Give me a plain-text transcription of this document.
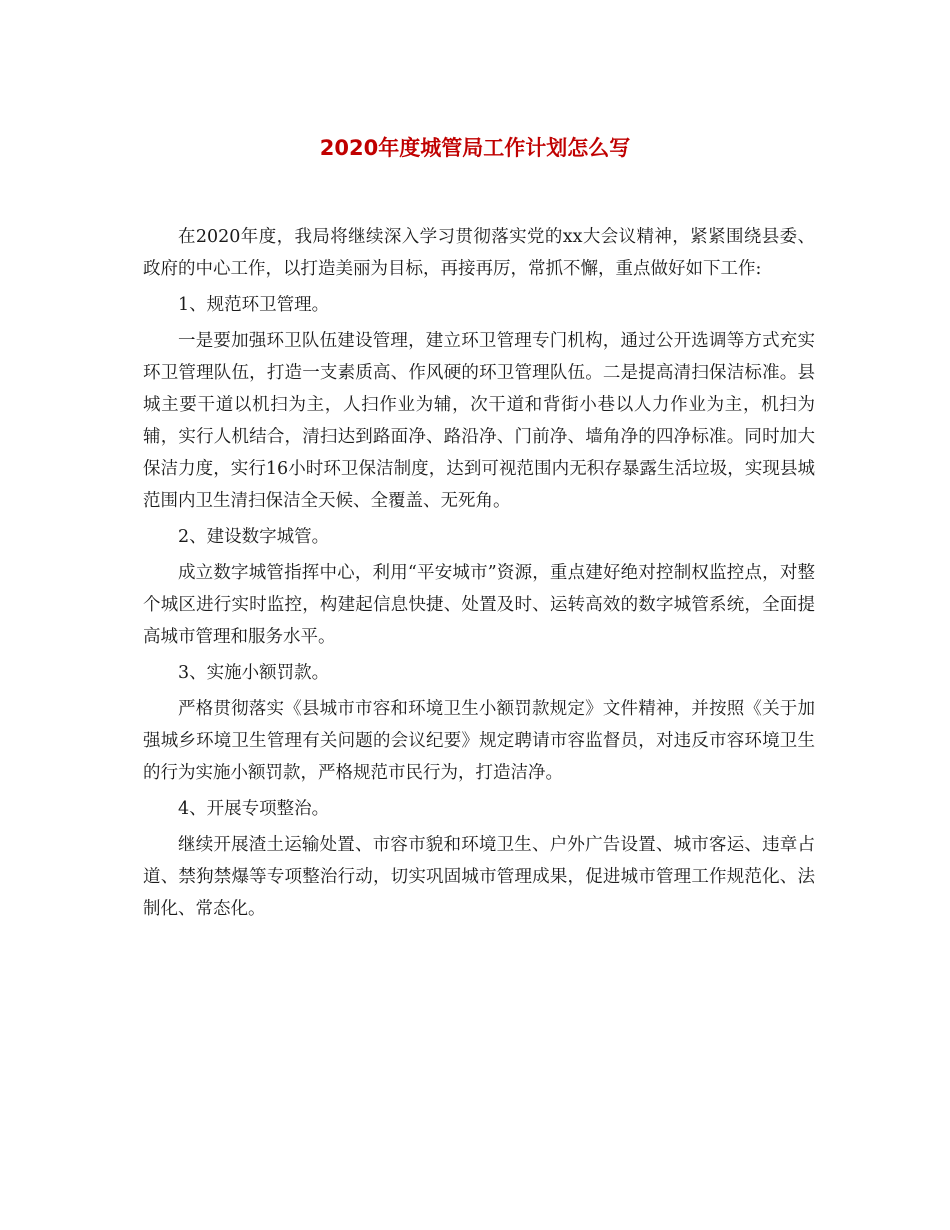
2020年度城管局工作计划怎么写

在2020年度，我局将继续深入学习贯彻落实党的xx大会议精神，紧紧围绕县委、政府的中心工作，以打造美丽为目标，再接再厉，常抓不懈，重点做好如下工作:

1、规范环卫管理。

一是要加强环卫队伍建设管理，建立环卫管理专门机构，通过公开选调等方式充实环卫管理队伍，打造一支素质高、作风硬的环卫管理队伍。二是提高清扫保洁标准。县城主要干道以机扫为主，人扫作业为辅，次干道和背街小巷以人力作业为主，机扫为辅，实行人机结合，清扫达到路面净、路沿净、门前净、墙角净的四净标准。同时加大保洁力度，实行16小时环卫保洁制度，达到可视范围内无积存暴露生活垃圾，实现县城范围内卫生清扫保洁全天候、全覆盖、无死角。

2、建设数字城管。

成立数字城管指挥中心，利用“平安城市”资源，重点建好绝对控制权监控点，对整个城区进行实时监控，构建起信息快捷、处置及时、运转高效的数字城管系统，全面提高城市管理和服务水平。

3、实施小额罚款。

严格贯彻落实《县城市市容和环境卫生小额罚款规定》文件精神，并按照《关于加强城乡环境卫生管理有关问题的会议纪要》规定聘请市容监督员，对违反市容环境卫生的行为实施小额罚款，严格规范市民行为，打造洁净。

4、开展专项整治。

继续开展渣土运输处置、市容市貌和环境卫生、户外广告设置、城市客运、违章占道、禁狗禁爆等专项整治行动，切实巩固城市管理成果，促进城市管理工作规范化、法制化、常态化。
